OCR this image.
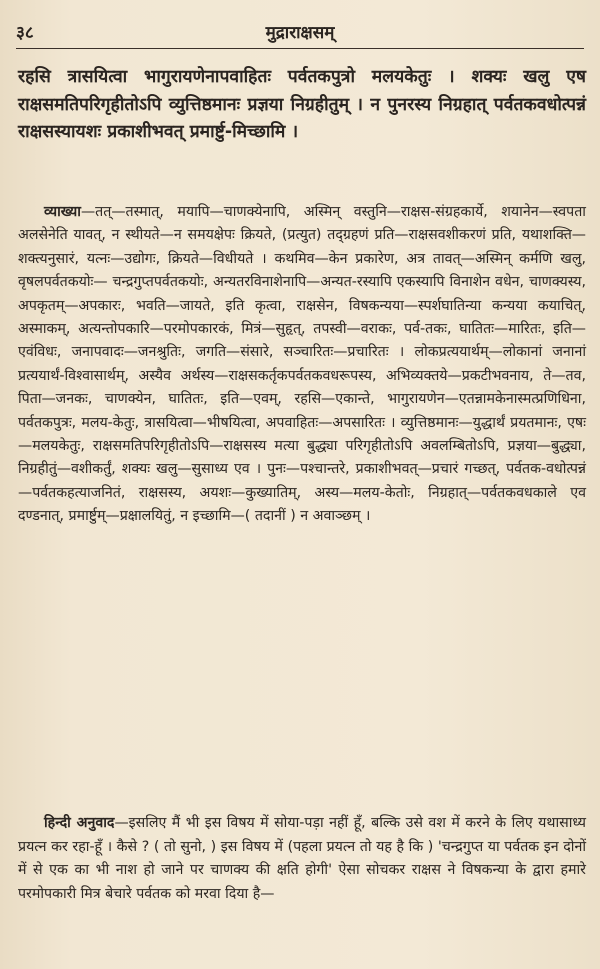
३८	मुद्राराक्षसम्
रहसि त्रासयित्वा भागुरायणेनापवाहितः पर्वतकपुत्रो मलयकेतुः । शक्यः खलु एष राक्षसमतिपरिगृहीतोऽपि व्युत्तिष्ठमानः प्रज्ञया निग्रहीतुम् । न पुनरस्य निग्रहात् पर्वतकवधोत्पन्नं राक्षसस्यायशः प्रकाशीभवत् प्रमार्ष्टु-मिच्छामि ।
व्याख्या—तत्—तस्मात्, मयापि—चाणक्येनापि, अस्मिन् वस्तुनि—राक्षस-संग्रहकार्ये, शयानेन—स्वपता अलसेनेति यावत्, न स्थीयते—न समयक्षेपः क्रियते, (प्रत्युत) तद्ग्रहणं प्रति—राक्षसवशीकरणं प्रति, यथाशक्ति—शक्त्यनुसारं, यत्नः—उद्योगः, क्रियते—विधीयते । कथमिव—केन प्रकारेण, अत्र तावत्—अस्मिन् कर्मणि खलु, वृषलपर्वतकयोः— चन्द्रगुप्तपर्वतकयोः, अन्यतरविनाशेनापि—अन्यत-रस्यापि एकस्यापि विनाशेन वधेन, चाणक्यस्य, अपकृतम्—अपकारः, भवति—जायते, इति कृत्वा, राक्षसेन, विषकन्यया—स्पर्शघातिन्या कन्यया कयाचित्, अस्माकम्, अत्यन्तोपकारि—परमोपकारकं, मित्रं—सुहृत्, तपस्वी—वराकः, पर्व-तकः, घातितः—मारितः, इति—एवंविधः, जनापवादः—जनश्रुतिः, जगति—संसारे, सञ्चारितः—प्रचारितः । लोकप्रत्ययार्थम्—लोकानां जनानां प्रत्ययार्थं-विश्वासार्थम्, अस्यैव अर्थस्य—राक्षसकर्तृकपर्वतकवधरूपस्य, अभिव्यक्तये—प्रकटीभवनाय, ते—तव, पिता—जनकः, चाणक्येन, घातितः, इति—एवम्, रहसि—एकान्ते, भागुरायणेन—एतन्नामकेनास्मत्प्रणिधिना, पर्वतकपुत्रः, मलय-केतुः, त्रासयित्वा—भीषयित्वा, अपवाहितः—अपसारितः । व्युत्तिष्ठमानः—युद्धार्थं प्रयतमानः, एषः—मलयकेतुः, राक्षसमतिपरिगृहीतोऽपि—राक्षसस्य मत्या बुद्ध्या परिगृहीतोऽपि अवलम्बितोऽपि, प्रज्ञया—बुद्ध्या, निग्रहीतुं—वशीकर्तुं, शक्यः खलु—सुसाध्य एव । पुनः—पश्चान्तरे, प्रकाशीभवत्—प्रचारं गच्छत्, पर्वतक-वधोत्पन्नं—पर्वतकहत्याजनितं, राक्षसस्य, अयशः—कुख्यातिम्, अस्य—मलय-केतोः, निग्रहात्—पर्वतकवधकाले एव दण्डनात्, प्रमार्ष्टुम्—प्रक्षालयितुं, न इच्छामि—( तदानीं ) न अवाञ्छम् ।
हिन्दी अनुवाद—इसलिए मैं भी इस विषय में सोया-पड़ा नहीं हूँ, बल्कि उसे वश में करने के लिए यथासाध्य प्रयत्न कर रहा-हूँ । कैसे ? ( तो सुनो, ) इस विषय में (पहला प्रयत्न तो यह है कि ) 'चन्द्रगुप्त या पर्वतक इन दोनों में से एक का भी नाश हो जाने पर चाणक्य की क्षति होगी' ऐसा सोचकर राक्षस ने विषकन्या के द्वारा हमारे परमोपकारी मित्र बेचारे पर्वतक को मरवा दिया है—
